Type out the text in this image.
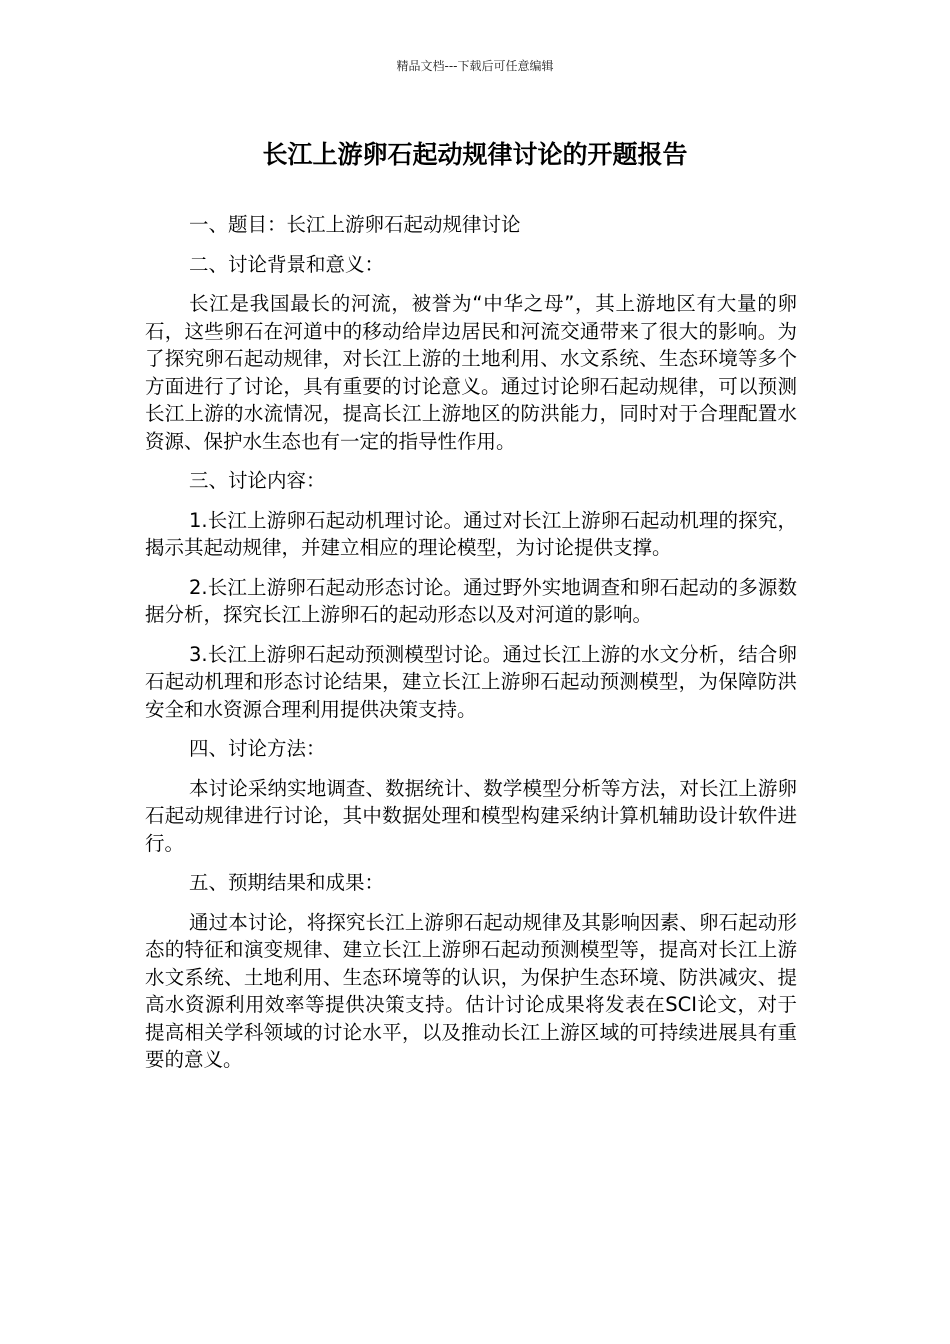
精品文档---下载后可任意编辑
长江上游卵石起动规律讨论的开题报告

一、题目：长江上游卵石起动规律讨论

二、讨论背景和意义：

长江是我国最长的河流，被誉为“中华之母”，其上游地区有大量的卵石，这些卵石在河道中的移动给岸边居民和河流交通带来了很大的影响。为了探究卵石起动规律，对长江上游的土地利用、水文系统、生态环境等多个方面进行了讨论，具有重要的讨论意义。通过讨论卵石起动规律，可以预测长江上游的水流情况，提高长江上游地区的防洪能力，同时对于合理配置水资源、保护水生态也有一定的指导性作用。

三、讨论内容：

1.长江上游卵石起动机理讨论。通过对长江上游卵石起动机理的探究，揭示其起动规律，并建立相应的理论模型，为讨论提供支撑。

2.长江上游卵石起动形态讨论。通过野外实地调查和卵石起动的多源数据分析，探究长江上游卵石的起动形态以及对河道的影响。

3.长江上游卵石起动预测模型讨论。通过长江上游的水文分析，结合卵石起动机理和形态讨论结果，建立长江上游卵石起动预测模型，为保障防洪安全和水资源合理利用提供决策支持。

四、讨论方法：

本讨论采纳实地调查、数据统计、数学模型分析等方法，对长江上游卵石起动规律进行讨论，其中数据处理和模型构建采纳计算机辅助设计软件进行。

五、预期结果和成果：

通过本讨论，将探究长江上游卵石起动规律及其影响因素、卵石起动形态的特征和演变规律、建立长江上游卵石起动预测模型等，提高对长江上游水文系统、土地利用、生态环境等的认识，为保护生态环境、防洪减灾、提高水资源利用效率等提供决策支持。估计讨论成果将发表在SCI论文，对于提高相关学科领域的讨论水平，以及推动长江上游区域的可持续进展具有重要的意义。
